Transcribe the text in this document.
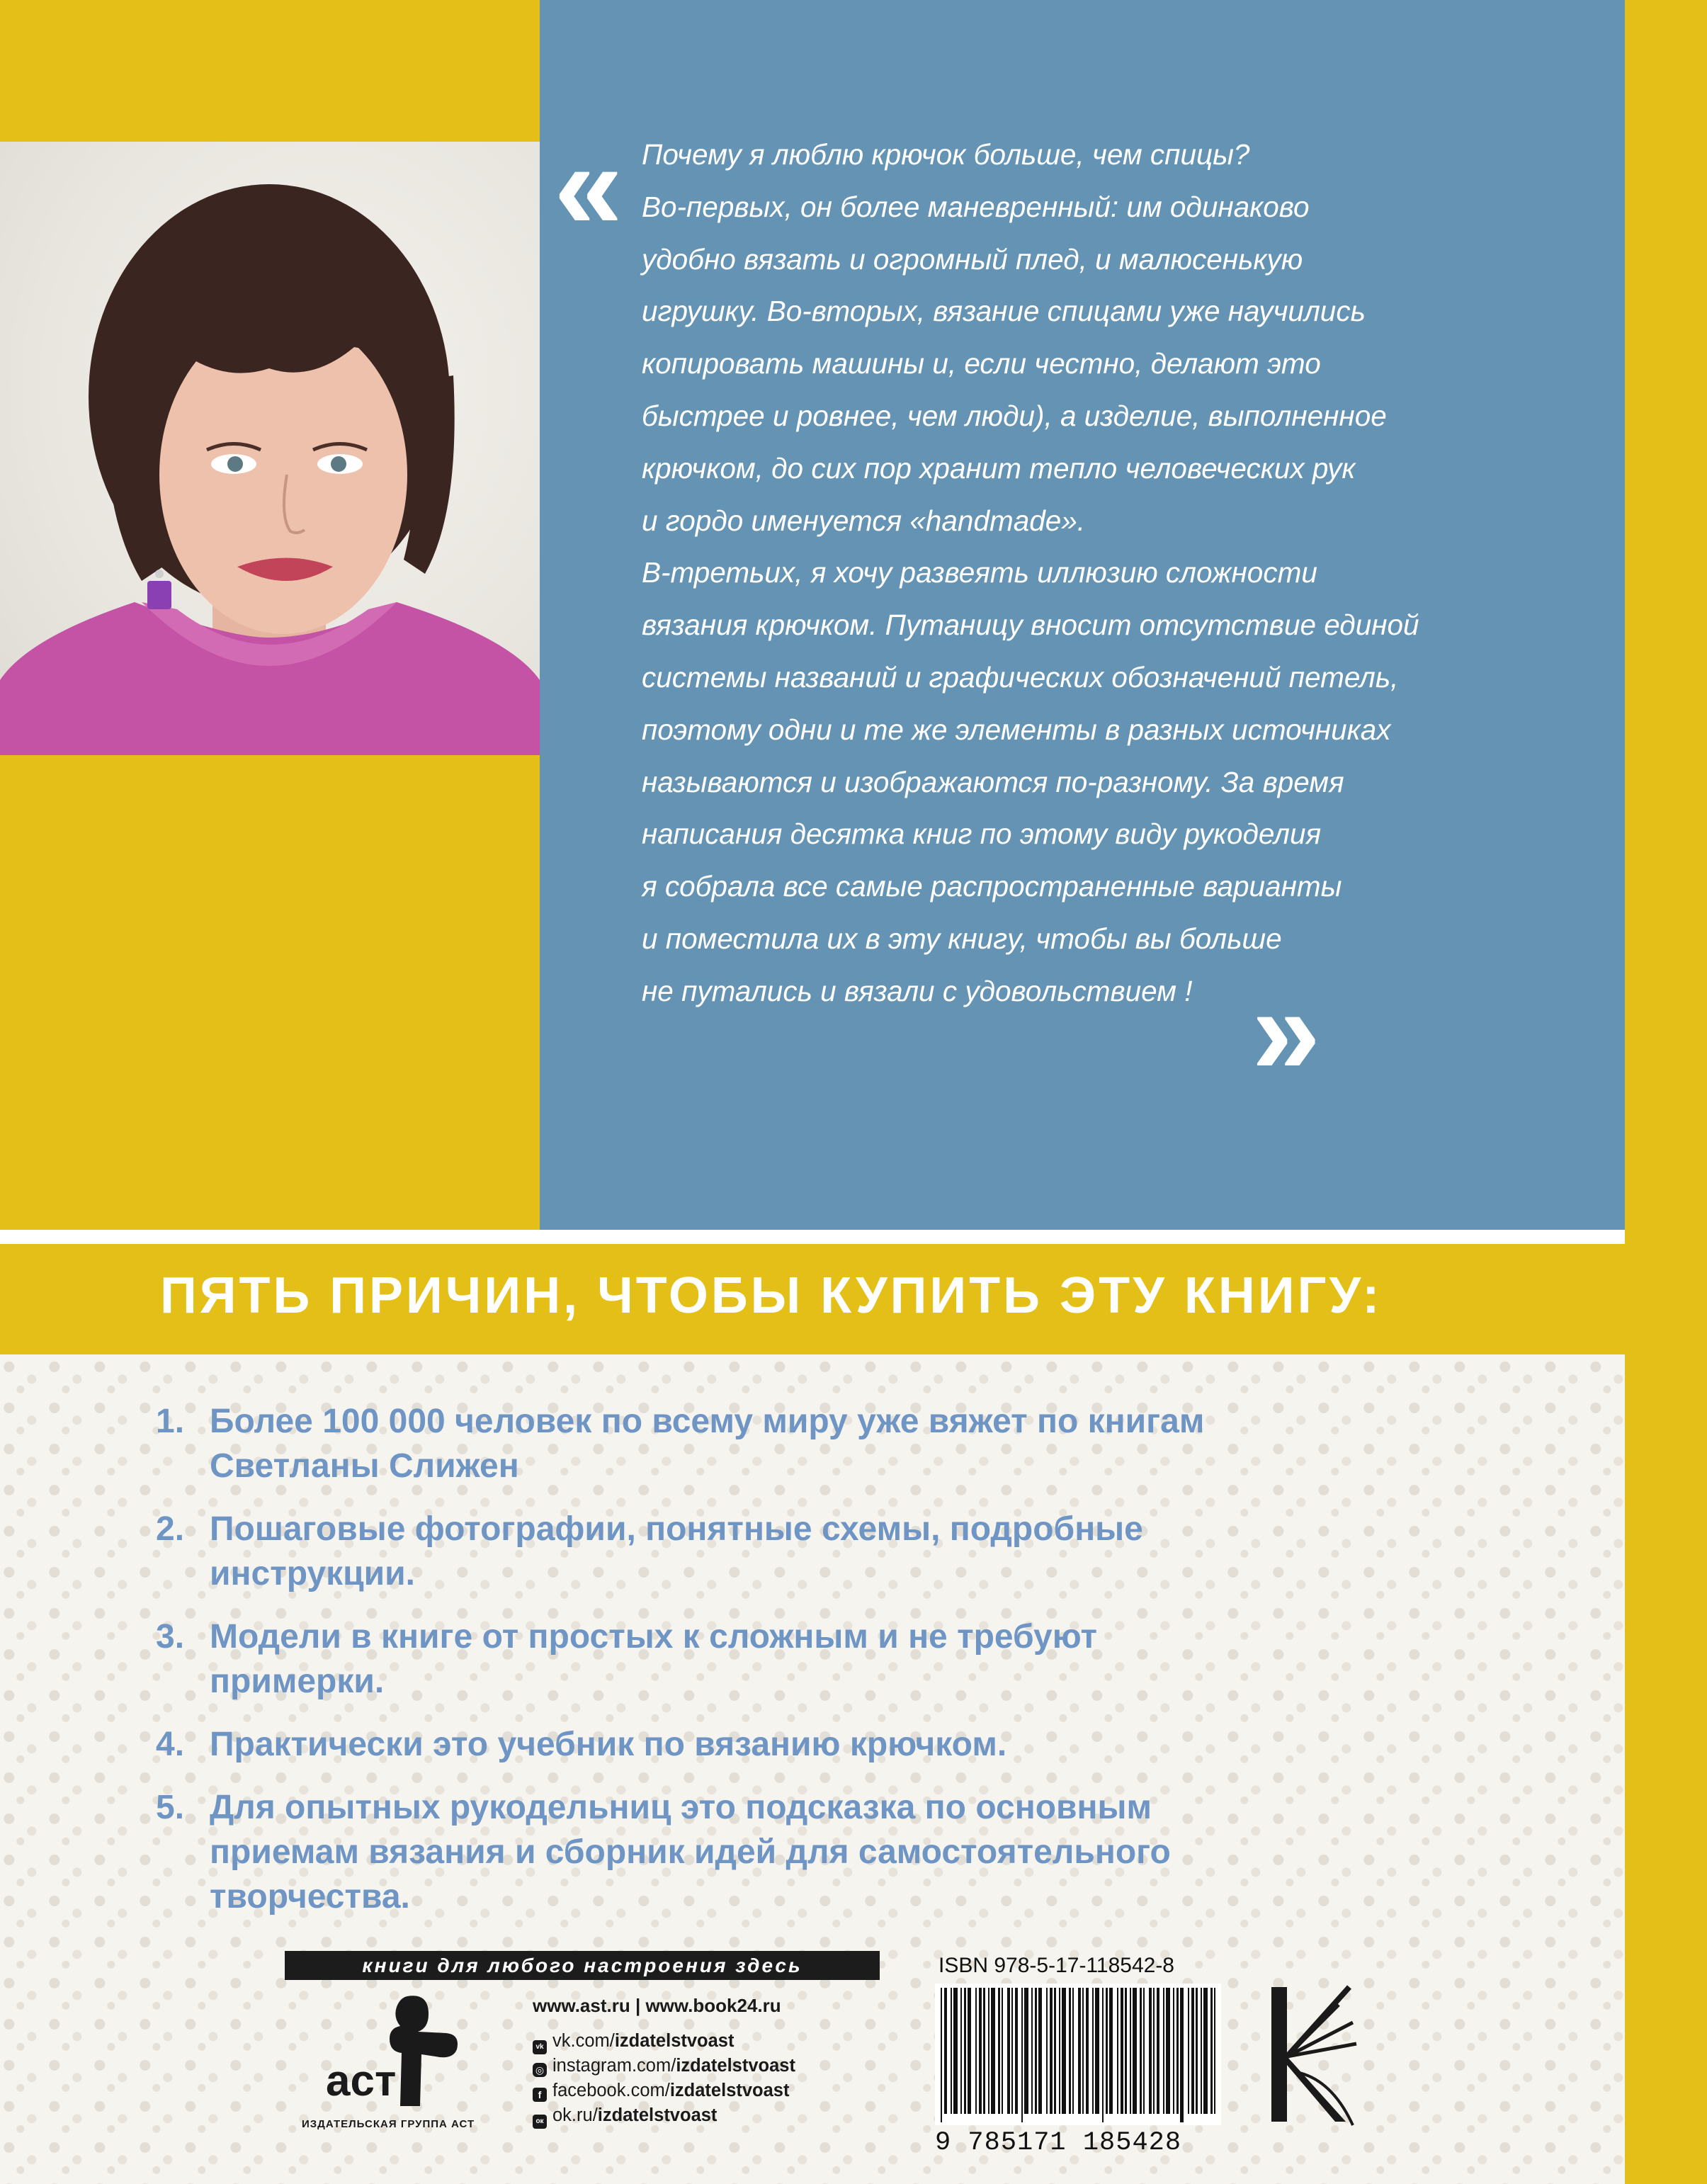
« Почему я люблю крючок больше, чем спицы?

Во-первых, он более маневренный: им одинаково

удобно вязать и огромный плед, и малюсенькую

игрушку. Во-вторых, вязание спицами уже научились

копировать машины и, если честно, делают это

быстрее и ровнее, чем люди), а изделие, выполненное

крючком, до сих пор хранит тепло человеческих рук

и гордо именуется «handmade».

В-третьих, я хочу развеять иллюзию сложности

вязания крючком. Путаницу вносит отсутствие единой

системы названий и графических обозначений петель,

поэтому одни и те же элементы в разных источниках

называются и изображаются по-разному. За время

написания десятка книг по этому виду рукоделия

я собрала все самые распространенные варианты

и поместила их в эту книгу, чтобы вы больше

не путались и вязали с удовольствием ! »
ПЯТЬ ПРИЧИН, ЧТОБЫ КУПИТЬ ЭТУ КНИГУ:
1. Более 100 000 человек по всему миру уже вяжет по книгам
Светланы Слижен
2. Пошаговые фотографии, понятные схемы, подробные
инструкции.
3. Модели в книге от простых к сложным и не требуют
примерки.
4. Практически это учебник по вязанию крючком.
5. Для опытных рукодельниц это подсказка по основным
приемам вязания и сборник идей для самостоятельного
творчества.
книги для любого настроения здесь
аст
ИЗДАТЕЛЬСКАЯ ГРУППА АСТ
www.ast.ru | www.book24.ru
vk vk.com/izdatelstvoast
◎ instagram.com/izdatelstvoast
f facebook.com/izdatelstvoast
ок ok.ru/izdatelstvoast
ISBN 978-5-17-118542-8
9 785171 185428
